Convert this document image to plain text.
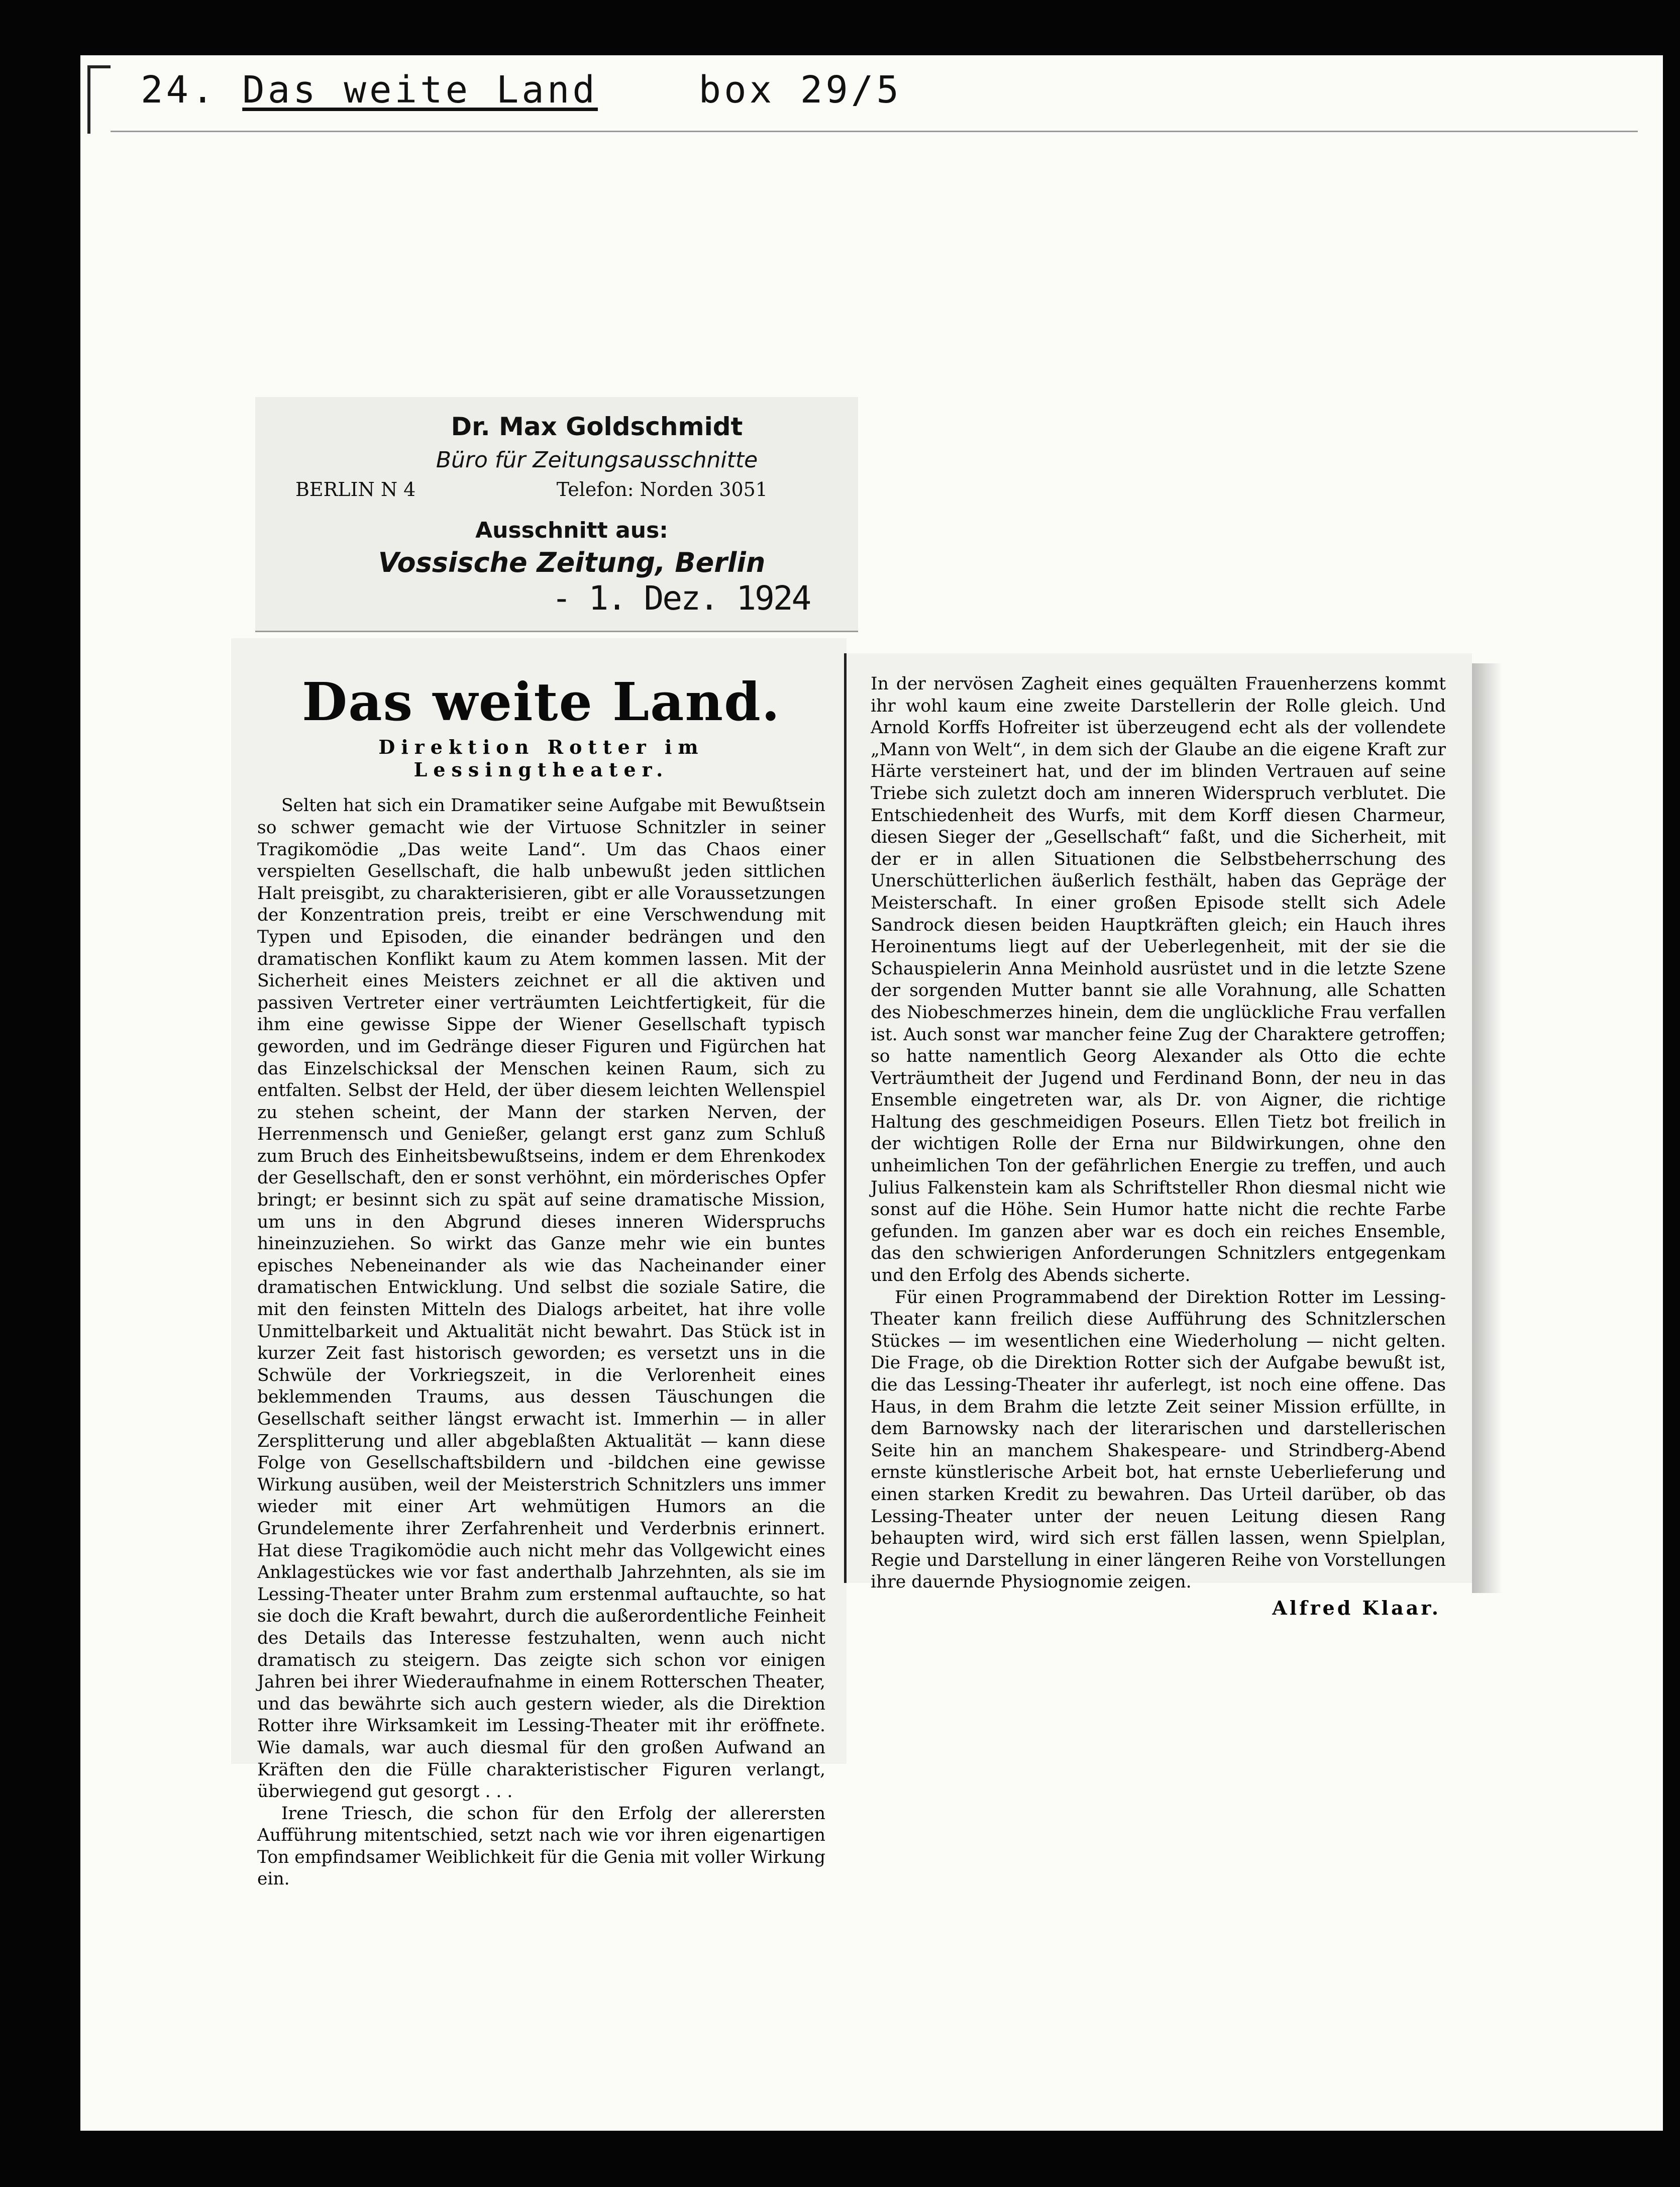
24. Das weite Land	box 29/5
Dr. Max Goldschmidt
Büro für Zeitungsausschnitte
BERLIN N 4	Telefon: Norden 3051
Ausschnitt aus:
Vossische Zeitung, Berlin
- 1. Dez. 1924
Das weite Land.
Direktion Rotter im Lessingtheater.

Selten hat sich ein Dramatiker seine Aufgabe mit Bewußtsein so schwer gemacht wie der Virtuose Schnitzler in seiner Tragikomödie „Das weite Land“. Um das Chaos einer verspielten Gesellschaft, die halb unbewußt jeden sittlichen Halt preisgibt, zu charakterisieren, gibt er alle Voraussetzungen der Konzentration preis, treibt er eine Verschwendung mit Typen und Episoden, die einander bedrängen und den dramatischen Konflikt kaum zu Atem kommen lassen. Mit der Sicherheit eines Meisters zeichnet er all die aktiven und passiven Vertreter einer verträumten Leichtfertigkeit, für die ihm eine gewisse Sippe der Wiener Gesellschaft typisch geworden, und im Gedränge dieser Figuren und Figürchen hat das Einzelschicksal der Menschen keinen Raum, sich zu entfalten. Selbst der Held, der über diesem leichten Wellenspiel zu stehen scheint, der Mann der starken Nerven, der Herrenmensch und Genießer, gelangt erst ganz zum Schluß zum Bruch des Einheitsbewußtseins, indem er dem Ehrenkodex der Gesellschaft, den er sonst verhöhnt, ein mörderisches Opfer bringt; er besinnt sich zu spät auf seine dramatische Mission, um uns in den Abgrund dieses inneren Widerspruchs hineinzuziehen. So wirkt das Ganze mehr wie ein buntes episches Nebeneinander als wie das Nacheinander einer dramatischen Entwicklung. Und selbst die soziale Satire, die mit den feinsten Mitteln des Dialogs arbeitet, hat ihre volle Unmittelbarkeit und Aktualität nicht bewahrt. Das Stück ist in kurzer Zeit fast historisch geworden; es versetzt uns in die Schwüle der Vorkriegszeit, in die Verlorenheit eines beklemmenden Traums, aus dessen Täuschungen die Gesellschaft seither längst erwacht ist. Immerhin — in aller Zersplitterung und aller abgeblaßten Aktualität — kann diese Folge von Gesellschaftsbildern und -bildchen eine gewisse Wirkung ausüben, weil der Meisterstrich Schnitzlers uns immer wieder mit einer Art wehmütigen Humors an die Grundelemente ihrer Zerfahrenheit und Verderbnis erinnert. Hat diese Tragikomödie auch nicht mehr das Vollgewicht eines Anklagestückes wie vor fast anderthalb Jahrzehnten, als sie im Lessing-Theater unter Brahm zum erstenmal auftauchte, so hat sie doch die Kraft bewahrt, durch die außerordentliche Feinheit des Details das Interesse festzuhalten, wenn auch nicht dramatisch zu steigern. Das zeigte sich schon vor einigen Jahren bei ihrer Wiederaufnahme in einem Rotterschen Theater, und das bewährte sich auch gestern wieder, als die Direktion Rotter ihre Wirksamkeit im Lessing-Theater mit ihr eröffnete. Wie damals, war auch diesmal für den großen Aufwand an Kräften den die Fülle charakteristischer Figuren verlangt, überwiegend gut gesorgt . . .

Irene Triesch, die schon für den Erfolg der allerersten Aufführung mitentschied, setzt nach wie vor ihren eigenartigen Ton empfindsamer Weiblichkeit für die Genia mit voller Wirkung ein.

In der nervösen Zagheit eines gequälten Frauenherzens kommt ihr wohl kaum eine zweite Darstellerin der Rolle gleich. Und Arnold Korffs Hofreiter ist überzeugend echt als der vollendete „Mann von Welt“, in dem sich der Glaube an die eigene Kraft zur Härte versteinert hat, und der im blinden Vertrauen auf seine Triebe sich zuletzt doch am inneren Widerspruch verblutet. Die Entschiedenheit des Wurfs, mit dem Korff diesen Charmeur, diesen Sieger der „Gesellschaft“ faßt, und die Sicherheit, mit der er in allen Situationen die Selbstbeherrschung des Unerschütterlichen äußerlich festhält, haben das Gepräge der Meisterschaft. In einer großen Episode stellt sich Adele Sandrock diesen beiden Hauptkräften gleich; ein Hauch ihres Heroinentums liegt auf der Ueberlegenheit, mit der sie die Schauspielerin Anna Meinhold ausrüstet und in die letzte Szene der sorgenden Mutter bannt sie alle Vorahnung, alle Schatten des Niobeschmerzes hinein, dem die unglückliche Frau verfallen ist. Auch sonst war mancher feine Zug der Charaktere getroffen; so hatte namentlich Georg Alexander als Otto die echte Verträumtheit der Jugend und Ferdinand Bonn, der neu in das Ensemble eingetreten war, als Dr. von Aigner, die richtige Haltung des geschmeidigen Poseurs. Ellen Tietz bot freilich in der wichtigen Rolle der Erna nur Bildwirkungen, ohne den unheimlichen Ton der gefährlichen Energie zu treffen, und auch Julius Falkenstein kam als Schriftsteller Rhon diesmal nicht wie sonst auf die Höhe. Sein Humor hatte nicht die rechte Farbe gefunden. Im ganzen aber war es doch ein reiches Ensemble, das den schwierigen Anforderungen Schnitzlers entgegenkam und den Erfolg des Abends sicherte.

Für einen Programmabend der Direktion Rotter im Lessing-Theater kann freilich diese Aufführung des Schnitzlerschen Stückes — im wesentlichen eine Wiederholung — nicht gelten. Die Frage, ob die Direktion Rotter sich der Aufgabe bewußt ist, die das Lessing-Theater ihr auferlegt, ist noch eine offene. Das Haus, in dem Brahm die letzte Zeit seiner Mission erfüllte, in dem Barnowsky nach der literarischen und darstellerischen Seite hin an manchem Shakespeare- und Strindberg-Abend ernste künstlerische Arbeit bot, hat ernste Ueberlieferung und einen starken Kredit zu bewahren. Das Urteil darüber, ob das Lessing-Theater unter der neuen Leitung diesen Rang behaupten wird, wird sich erst fällen lassen, wenn Spielplan, Regie und Darstellung in einer längeren Reihe von Vorstellungen ihre dauernde Physiognomie zeigen.

Alfred Klaar.
